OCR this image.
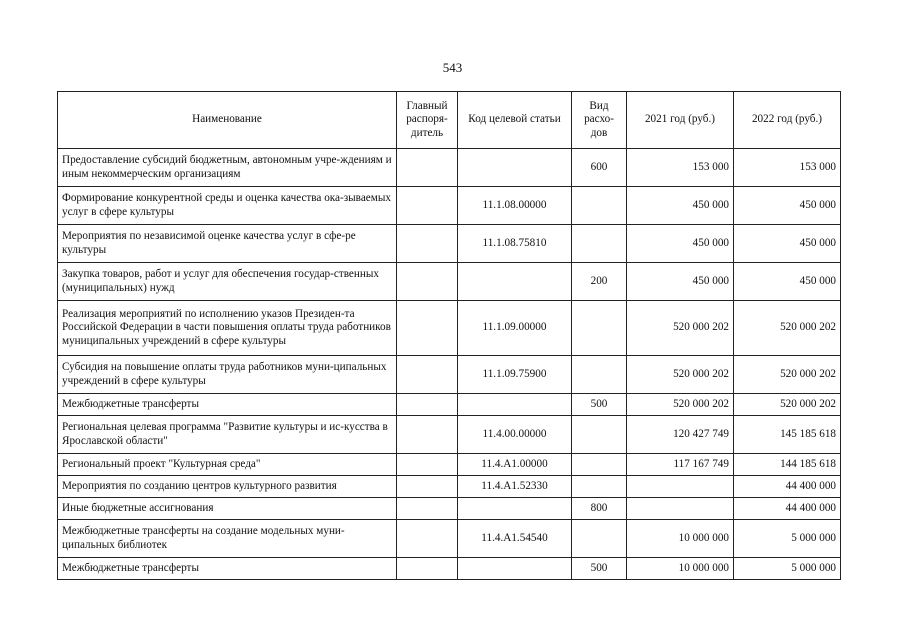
543
Наименование	Главный распоря-дитель	Код целевой статьи	Вид расхо-дов	2021 год (руб.)	2022 год (руб.)
Предоставление субсидий бюджетным, автономным учре-ждениям и иным некоммерческим организациям			600	153 000	153 000
Формирование конкурентной среды и оценка качества ока-зываемых услуг в сфере культуры		11.1.08.00000		450 000	450 000
Мероприятия по независимой оценке качества услуг в сфе-ре культуры		11.1.08.75810		450 000	450 000
Закупка товаров, работ и услуг для обеспечения государ-ственных (муниципальных) нужд			200	450 000	450 000
Реализация мероприятий по исполнению указов Президен-та Российской Федерации в части повышения оплаты труда работников муниципальных учреждений в сфере культуры		11.1.09.00000		520 000 202	520 000 202
Субсидия на повышение оплаты труда работников муни-ципальных учреждений в сфере культуры		11.1.09.75900		520 000 202	520 000 202
Межбюджетные трансферты			500	520 000 202	520 000 202
Региональная целевая программа "Развитие культуры и ис-кусства в Ярославской области"		11.4.00.00000		120 427 749	145 185 618
Региональный проект "Культурная среда"		11.4.A1.00000		117 167 749	144 185 618
Мероприятия по созданию центров культурного развития		11.4.A1.52330			44 400 000
Иные бюджетные ассигнования			800		44 400 000
Межбюджетные трансферты на создание модельных муни-ципальных библиотек		11.4.A1.54540		10 000 000	5 000 000
Межбюджетные трансферты			500	10 000 000	5 000 000
